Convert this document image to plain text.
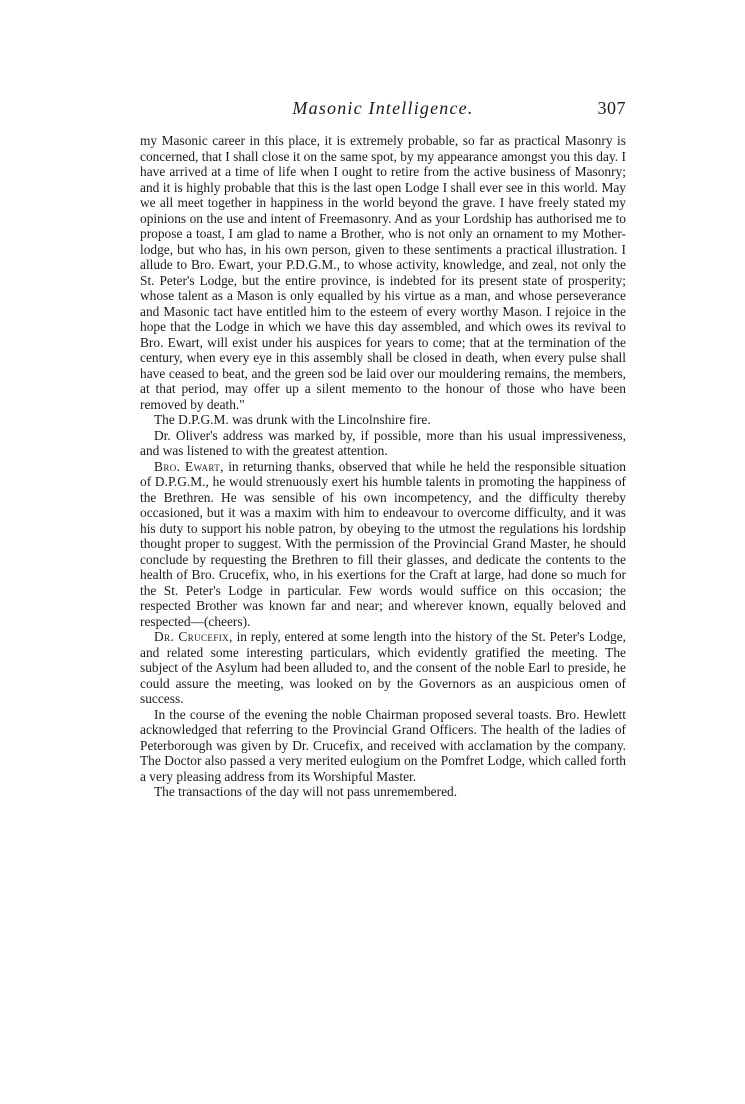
Masonic Intelligence.	307

my Masonic career in this place, it is extremely probable, so far as practical Masonry is concerned, that I shall close it on the same spot, by my appearance amongst you this day. I have arrived at a time of life when I ought to retire from the active business of Masonry; and it is highly probable that this is the last open Lodge I shall ever see in this world. May we all meet together in happiness in the world beyond the grave. I have freely stated my opinions on the use and intent of Freemasonry. And as your Lordship has authorised me to propose a toast, I am glad to name a Brother, who is not only an ornament to my Mother-lodge, but who has, in his own person, given to these sentiments a practical illustration. I allude to Bro. Ewart, your P.D.G.M., to whose activity, knowledge, and zeal, not only the St. Peter's Lodge, but the entire province, is indebted for its present state of prosperity; whose talent as a Mason is only equalled by his virtue as a man, and whose perseverance and Masonic tact have entitled him to the esteem of every worthy Mason. I rejoice in the hope that the Lodge in which we have this day assembled, and which owes its revival to Bro. Ewart, will exist under his auspices for years to come; that at the termination of the century, when every eye in this assembly shall be closed in death, when every pulse shall have ceased to beat, and the green sod be laid over our mouldering remains, the members, at that period, may offer up a silent memento to the honour of those who have been removed by death."

The D.P.G.M. was drunk with the Lincolnshire fire.

Dr. Oliver's address was marked by, if possible, more than his usual impressiveness, and was listened to with the greatest attention.

Bro. Ewart, in returning thanks, observed that while he held the responsible situation of D.P.G.M., he would strenuously exert his humble talents in promoting the happiness of the Brethren. He was sensible of his own incompetency, and the difficulty thereby occasioned, but it was a maxim with him to endeavour to overcome difficulty, and it was his duty to support his noble patron, by obeying to the utmost the regulations his lordship thought proper to suggest. With the permission of the Provincial Grand Master, he should conclude by requesting the Brethren to fill their glasses, and dedicate the contents to the health of Bro. Crucefix, who, in his exertions for the Craft at large, had done so much for the St. Peter's Lodge in particular. Few words would suffice on this occasion; the respected Brother was known far and near; and wherever known, equally beloved and respected—(cheers).

Dr. Crucefix, in reply, entered at some length into the history of the St. Peter's Lodge, and related some interesting particulars, which evidently gratified the meeting. The subject of the Asylum had been alluded to, and the consent of the noble Earl to preside, he could assure the meeting, was looked on by the Governors as an auspicious omen of success.

In the course of the evening the noble Chairman proposed several toasts. Bro. Hewlett acknowledged that referring to the Provincial Grand Officers. The health of the ladies of Peterborough was given by Dr. Crucefix, and received with acclamation by the company. The Doctor also passed a very merited eulogium on the Pomfret Lodge, which called forth a very pleasing address from its Worshipful Master.

The transactions of the day will not pass unremembered.
